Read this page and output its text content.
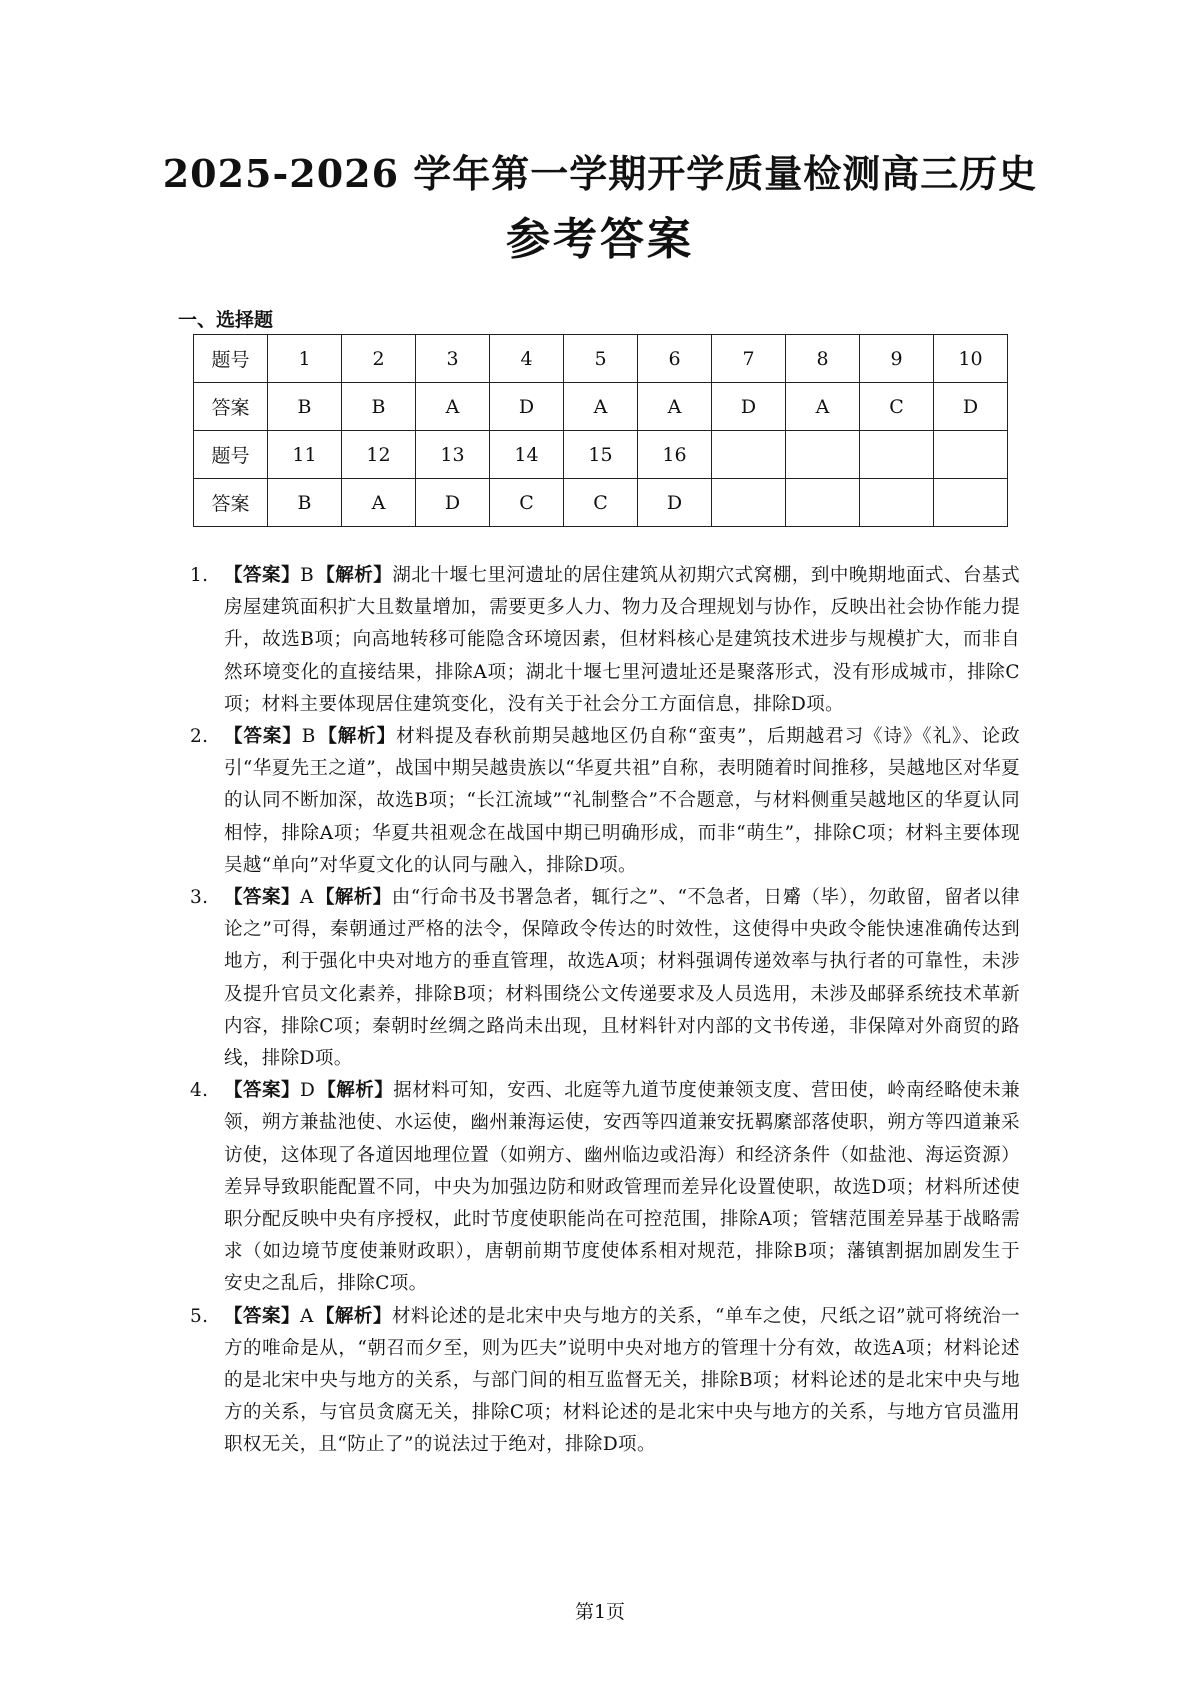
2025-2026 学年第一学期开学质量检测高三历史
参考答案
一、选择题
题号	1	2	3	4	5	6	7	8	9	10
答案	B	B	A	D	A	A	D	A	C	D
题号	11	12	13	14	15	16				
答案	B	A	D	C	C	D				
1. 【答案】B 【解析】湖北十堰七里河遗址的居住建筑从初期穴式窝棚，到中晚期地面式、台基式房屋建筑面积扩大且数量增加，需要更多人力、物力及合理规划与协作，反映出社会协作能力提升，故选B项；向高地转移可能隐含环境因素，但材料核心是建筑技术进步与规模扩大，而非自然环境变化的直接结果，排除A项；湖北十堰七里河遗址还是聚落形式，没有形成城市，排除C项；材料主要体现居住建筑变化，没有关于社会分工方面信息，排除D项。
2. 【答案】B 【解析】材料提及春秋前期吴越地区仍自称“蛮夷”，后期越君习《诗》《礼》、论政引“华夏先王之道”，战国中期吴越贵族以“华夏共祖”自称，表明随着时间推移，吴越地区对华夏的认同不断加深，故选B项；“长江流域”“礼制整合”不合题意，与材料侧重吴越地区的华夏认同相悖，排除A项；华夏共祖观念在战国中期已明确形成，而非“萌生”，排除C项；材料主要体现吴越“单向”对华夏文化的认同与融入，排除D项。
3. 【答案】A 【解析】由“行命书及书署急者，辄行之”、“不急者，日觱（毕），勿敢留，留者以律论之”可得，秦朝通过严格的法令，保障政令传达的时效性，这使得中央政令能快速准确传达到地方，利于强化中央对地方的垂直管理，故选A项；材料强调传递效率与执行者的可靠性，未涉及提升官员文化素养，排除B项；材料围绕公文传递要求及人员选用，未涉及邮驿系统技术革新内容，排除C项；秦朝时丝绸之路尚未出现，且材料针对内部的文书传递，非保障对外商贸的路线，排除D项。
4. 【答案】D 【解析】据材料可知，安西、北庭等九道节度使兼领支度、营田使，岭南经略使未兼领，朔方兼盐池使、水运使，幽州兼海运使，安西等四道兼安抚羁縻部落使职，朔方等四道兼采访使，这体现了各道因地理位置（如朔方、幽州临边或沿海）和经济条件（如盐池、海运资源）差异导致职能配置不同，中央为加强边防和财政管理而差异化设置使职，故选D项；材料所述使职分配反映中央有序授权，此时节度使职能尚在可控范围，排除A项；管辖范围差异基于战略需求（如边境节度使兼财政职），唐朝前期节度使体系相对规范，排除B项；藩镇割据加剧发生于安史之乱后，排除C项。
5. 【答案】A 【解析】材料论述的是北宋中央与地方的关系，“单车之使，尺纸之诏”就可将统治一方的唯命是从，“朝召而夕至，则为匹夫”说明中央对地方的管理十分有效，故选A项；材料论述的是北宋中央与地方的关系，与部门间的相互监督无关，排除B项；材料论述的是北宋中央与地方的关系，与官员贪腐无关，排除C项；材料论述的是北宋中央与地方的关系，与地方官员滥用职权无关，且“防止了”的说法过于绝对，排除D项。
第1页
